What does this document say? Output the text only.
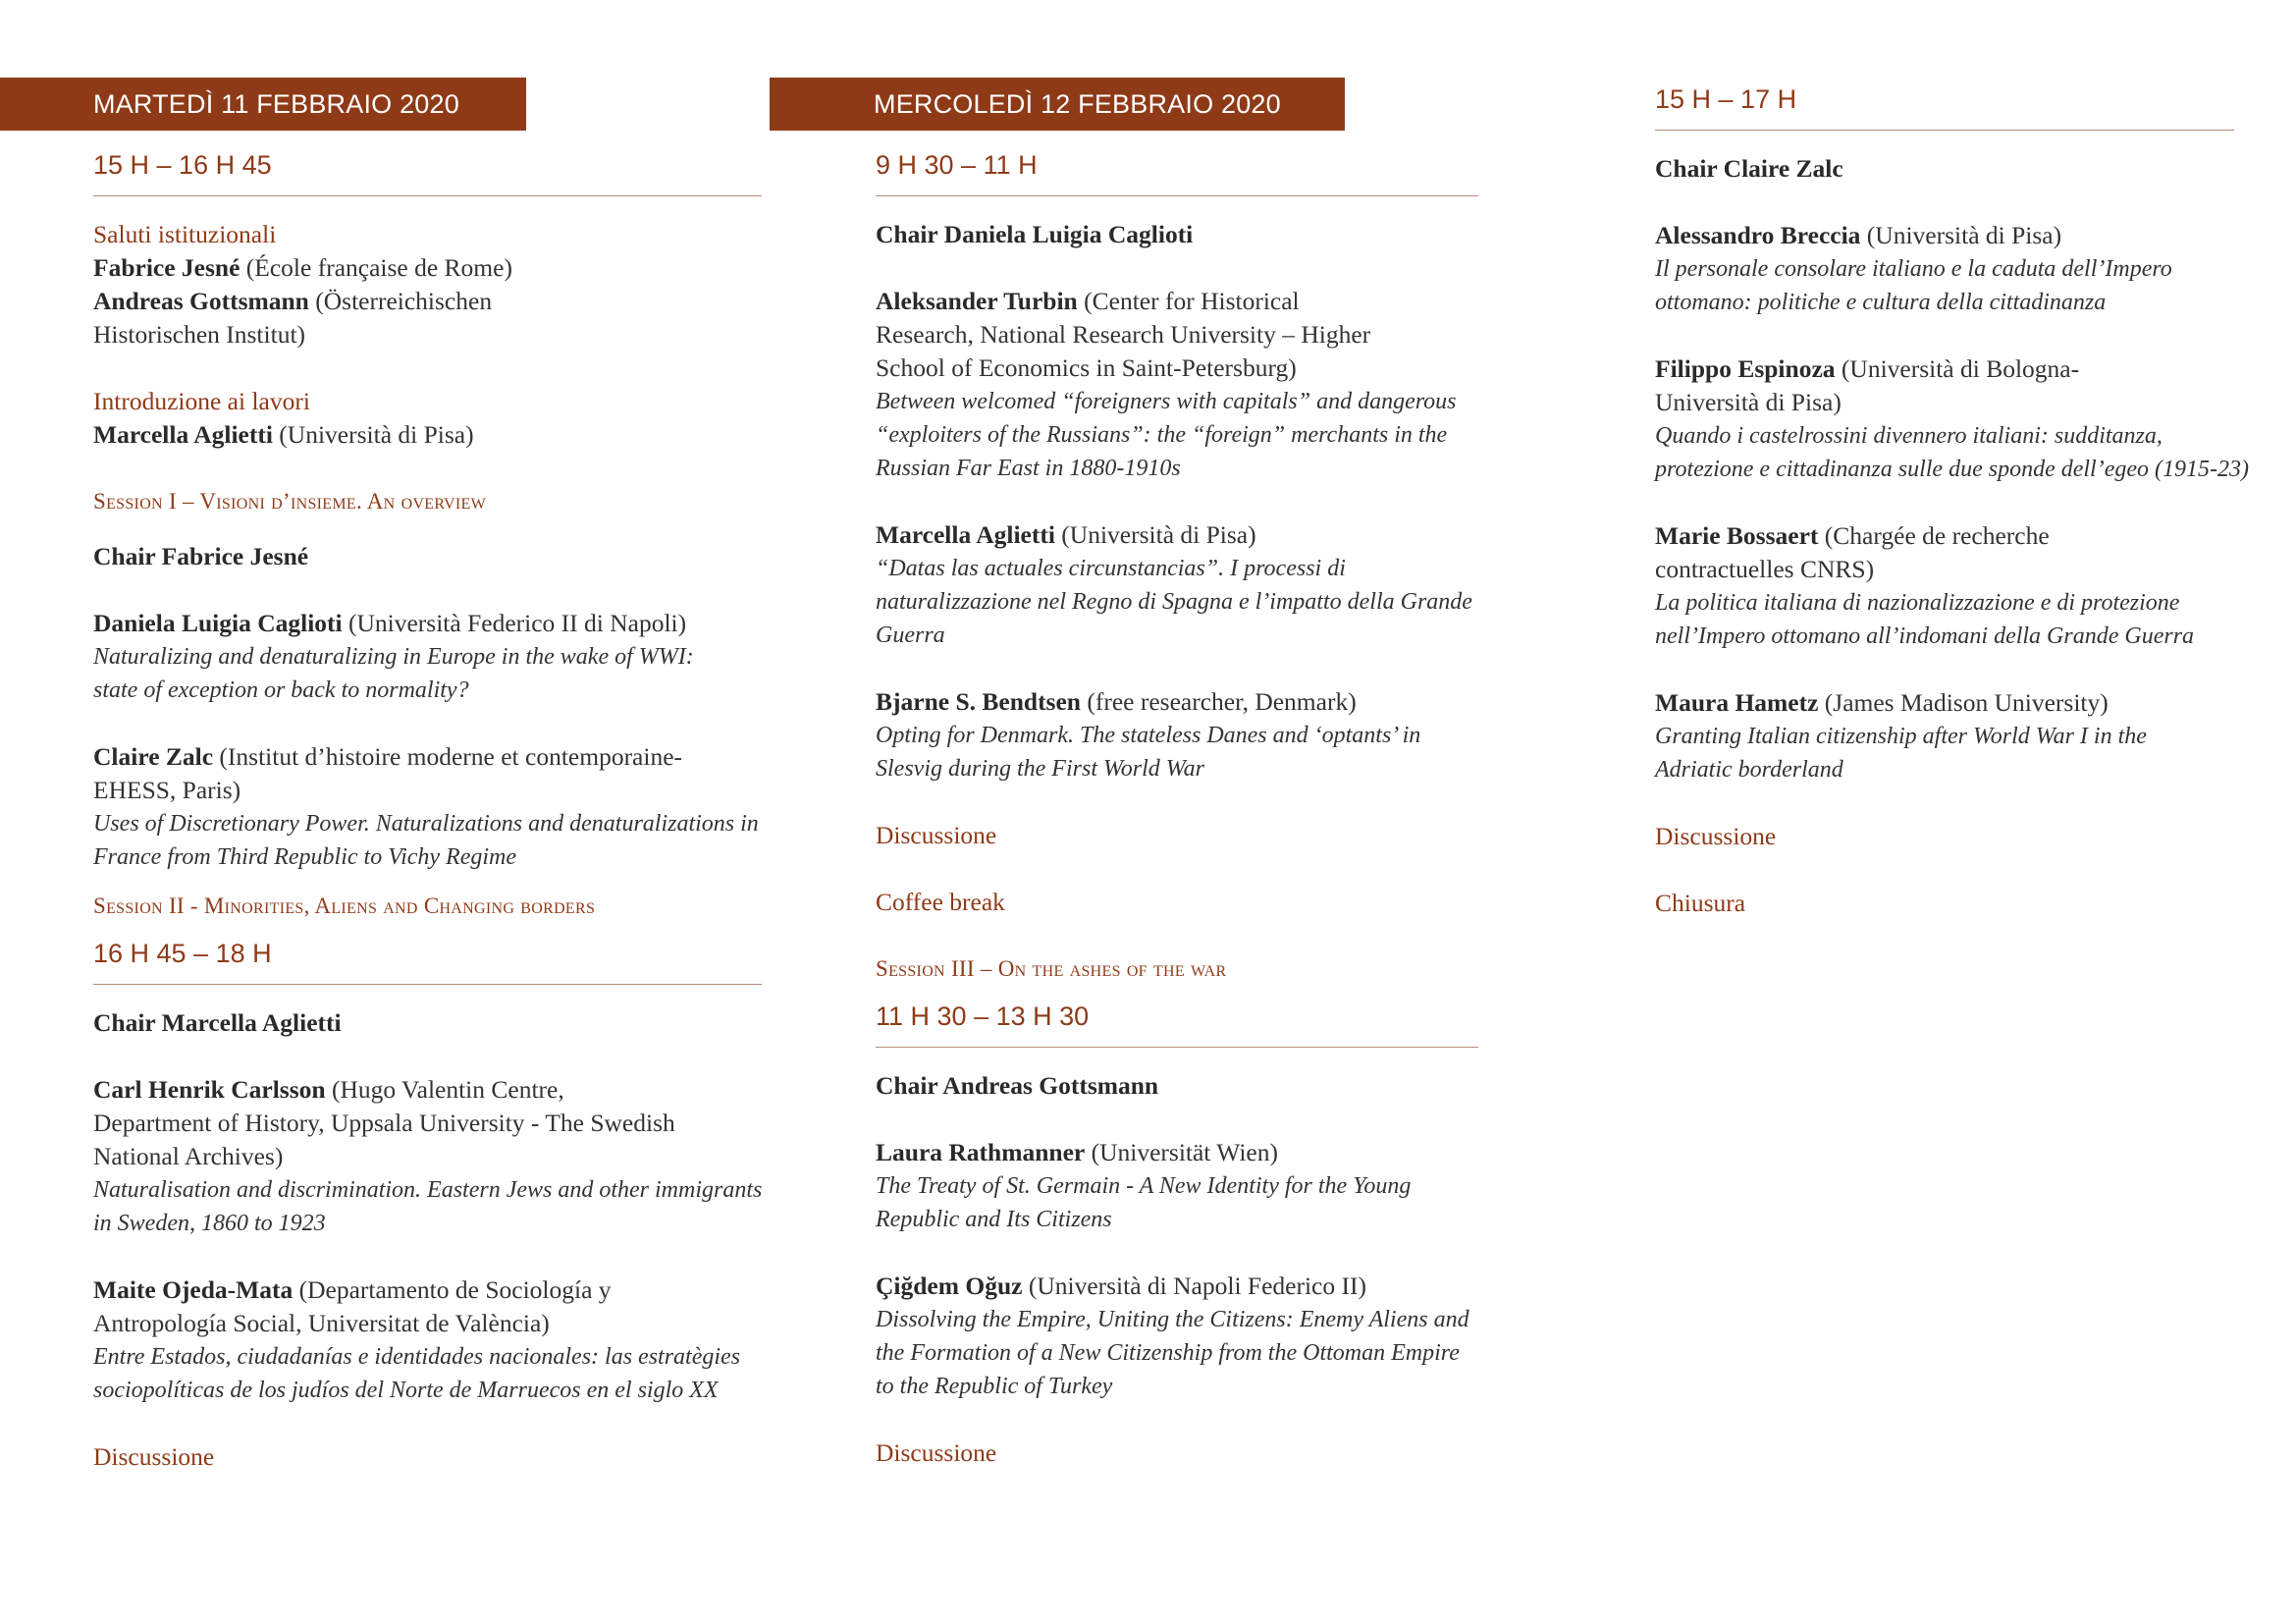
MARTEDÌ 11 FEBBRAIO 2020
15 H – 16 H 45
Saluti istituzionali
Fabrice Jesné (École française de Rome)
Andreas Gottsmann (Österreichischen
Historischen Institut)
Introduzione ai lavori
Marcella Aglietti (Università di Pisa)
Session I – Visioni d’insieme. An overview
Chair Fabrice Jesné
Daniela Luigia Caglioti (Università Federico II di Napoli)
Naturalizing and denaturalizing in Europe in the wake of WWI:
state of exception or back to normality?
Claire Zalc (Institut d’histoire moderne et contemporaine-
EHESS, Paris)
Uses of Discretionary Power. Naturalizations and denaturalizations in
France from Third Republic to Vichy Regime
Session II - Minorities, Aliens and Changing borders
16 H 45 – 18 H
Chair Marcella Aglietti
Carl Henrik Carlsson (Hugo Valentin Centre,
Department of History, Uppsala University - The Swedish
National Archives)
Naturalisation and discrimination. Eastern Jews and other immigrants
in Sweden, 1860 to 1923
Maite Ojeda-Mata (Departamento de Sociología y
Antropología Social, Universitat de València)
Entre Estados, ciudadanías e identidades nacionales: las estratègies
sociopolíticas de los judíos del Norte de Marruecos en el siglo XX
Discussione
MERCOLEDÌ 12 FEBBRAIO 2020
9 H 30 – 11 H
Chair Daniela Luigia Caglioti
Aleksander Turbin (Center for Historical
Research, National Research University – Higher
School of Economics in Saint-Petersburg)
Between welcomed “foreigners with capitals” and dangerous
“exploiters of the Russians”: the “foreign” merchants in the
Russian Far East in 1880-1910s
Marcella Aglietti (Università di Pisa)
“Datas las actuales circunstancias”. I processi di
naturalizzazione nel Regno di Spagna e l’impatto della Grande
Guerra
Bjarne S. Bendtsen (free researcher, Denmark)
Opting for Denmark. The stateless Danes and ‘optants’ in
Slesvig during the First World War
Discussione
Coffee break
Session III – On the ashes of the war
11 H 30 – 13 H 30
Chair Andreas Gottsmann
Laura Rathmanner (Universität Wien)
The Treaty of St. Germain - A New Identity for the Young
Republic and Its Citizens
Çiğdem Oğuz (Università di Napoli Federico II)
Dissolving the Empire, Uniting the Citizens: Enemy Aliens and
the Formation of a New Citizenship from the Ottoman Empire
to the Republic of Turkey
Discussione
15 H – 17 H
Chair Claire Zalc
Alessandro Breccia (Università di Pisa)
Il personale consolare italiano e la caduta dell’Impero
ottomano: politiche e cultura della cittadinanza
Filippo Espinoza (Università di Bologna-
Università di Pisa)
Quando i castelrossini divennero italiani: sudditanza,
protezione e cittadinanza sulle due sponde dell’egeo (1915-23)
Marie Bossaert (Chargée de recherche
contractuelles CNRS)
La politica italiana di nazionalizzazione e di protezione
nell’Impero ottomano all’indomani della Grande Guerra
Maura Hametz (James Madison University)
Granting Italian citizenship after World War I in the
Adriatic borderland
Discussione
Chiusura
